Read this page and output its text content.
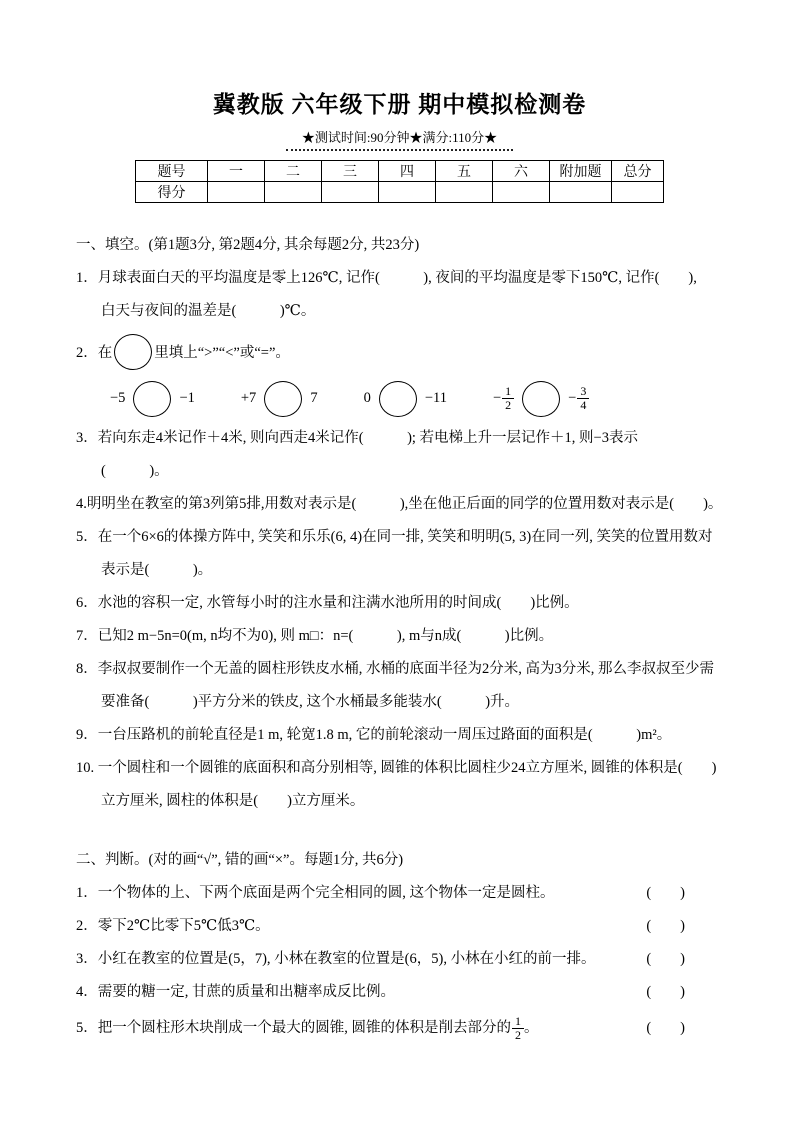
冀教版 六年级下册 期中模拟检测卷
★测试时间:90分钟★满分:110分★
题号	一	二	三	四	五	六	附加题	总分
得分								
一、填空。(第1题3分, 第2题4分, 其余每题2分, 共23分)
1．月球表面白天的平均温度是零上126℃, 记作(　　　), 夜间的平均温度是零下150℃, 记作(　　),
白天与夜间的温差是(　　　)℃。
2．在	里填上“>”“<”或“=”。
−5	−1	+7	7	0	−11	− $\frac{1}{2}$	− $\frac{3}{4}$
3．若向东走4米记作＋4米, 则向西走4米记作(　　　); 若电梯上升一层记作＋1, 则−3表示
(　　　)。
4.明明坐在教室的第3列第5排,用数对表示是(　　　),坐在他正后面的同学的位置用数对表示是(　　)。
5．在一个6×6的体操方阵中, 笑笑和乐乐(6, 4)在同一排, 笑笑和明明(5, 3)在同一列, 笑笑的位置用数对
表示是(　　　)。
6．水池的容积一定, 水管每小时的注水量和注满水池所用的时间成(　　)比例。
7．已知2 m−5n=0(m, n均不为0), 则 m□：n=(　　　), m与n成(　　　)比例。
8．李叔叔要制作一个无盖的圆柱形铁皮水桶, 水桶的底面半径为2分米, 高为3分米, 那么李叔叔至少需
要准备(　　　)平方分米的铁皮, 这个水桶最多能装水(　　　)升。
9．一台压路机的前轮直径是1 m, 轮宽1.8 m, 它的前轮滚动一周压过路面的面积是(　　　)m²。
10. 一个圆柱和一个圆锥的底面积和高分别相等, 圆锥的体积比圆柱少24立方厘米, 圆锥的体积是(　　)
立方厘米, 圆柱的体积是(　　)立方厘米。
二、判断。(对的画“√”, 错的画“×”。每题1分, 共6分)
1．一个物体的上、下两个底面是两个完全相同的圆, 这个物体一定是圆柱。	(　　)
2．零下2℃比零下5℃低3℃。	(　　)
3．小红在教室的位置是(5，7), 小林在教室的位置是(6，5), 小林在小红的前一排。	(　　)
4．需要的糖一定, 甘蔗的质量和出糖率成反比例。	(　　)
5．把一个圆柱形木块削成一个最大的圆锥, 圆锥的体积是削去部分的 $\frac{1}{2}$ 。	(　　)
